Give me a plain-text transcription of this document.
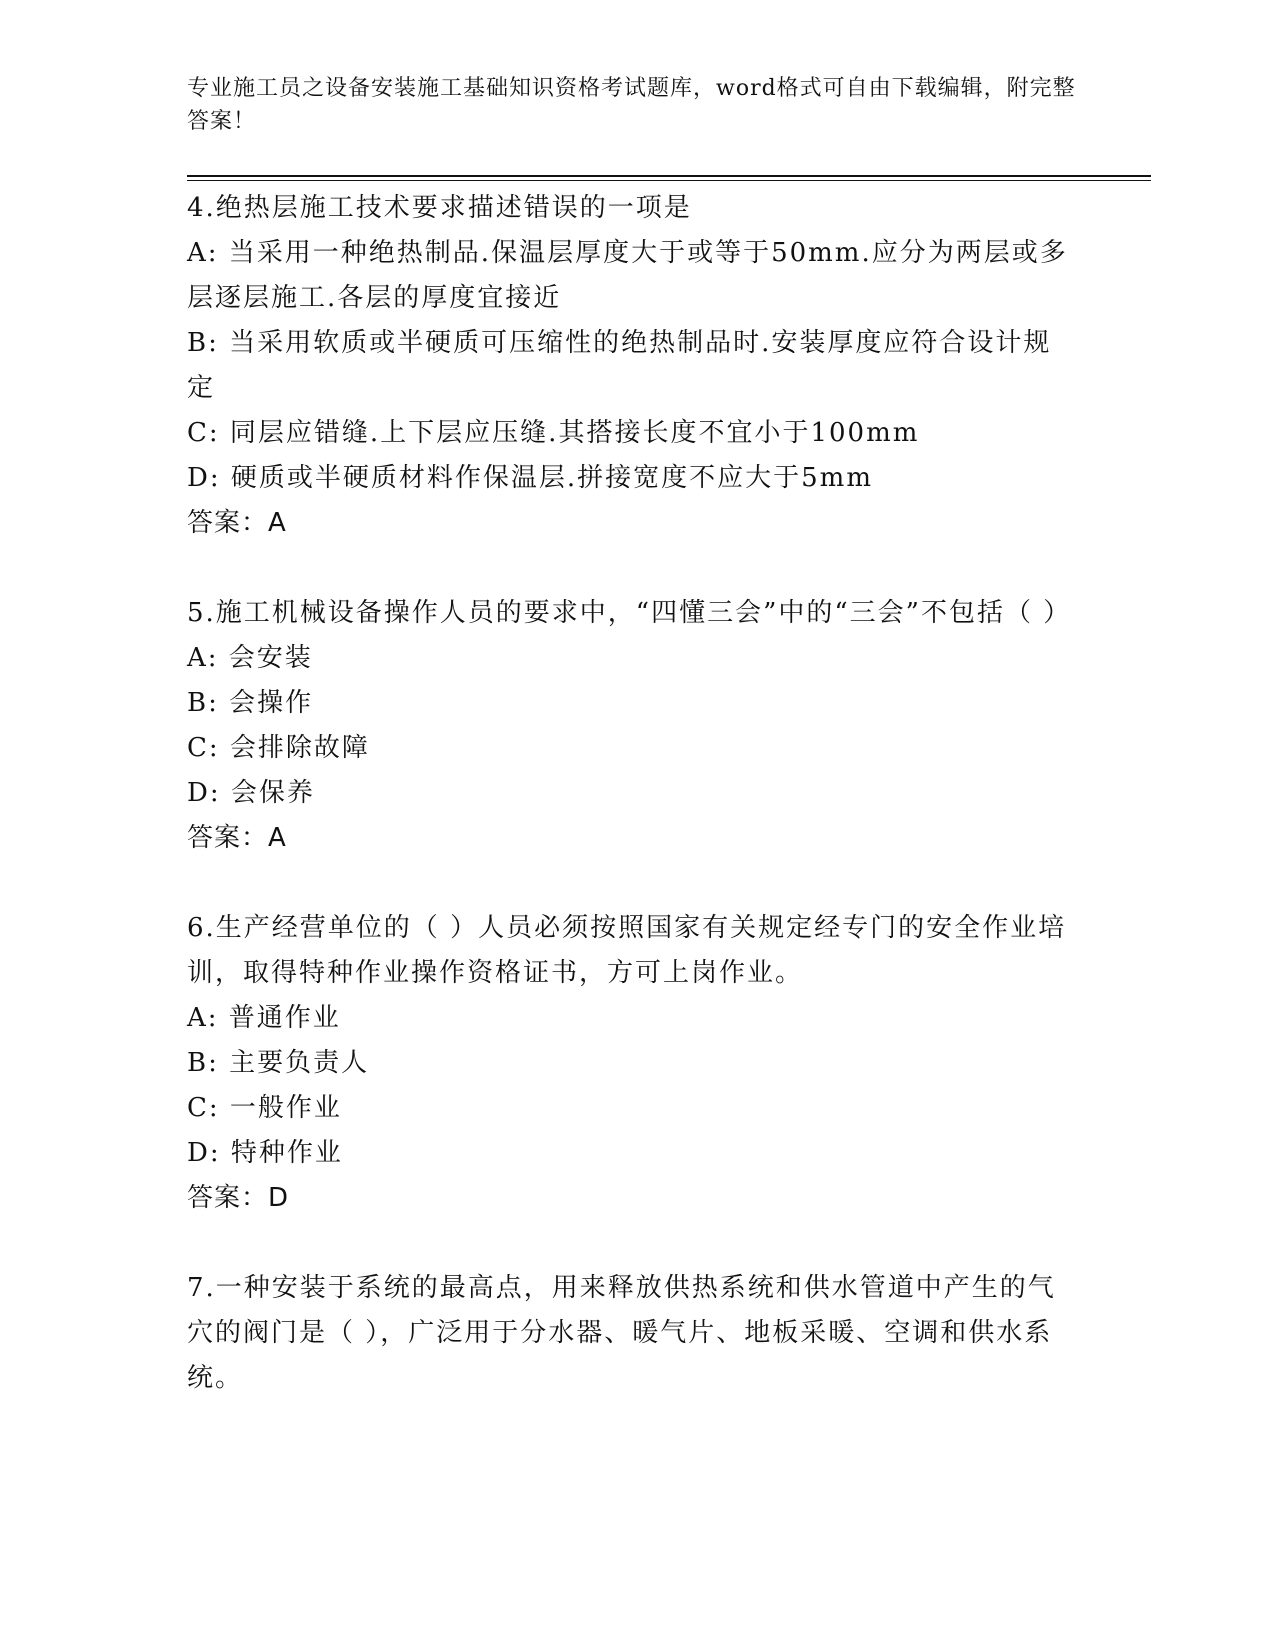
专业施工员之设备安装施工基础知识资格考试题库，word格式可自由下载编辑，附完整答案！

4.绝热层施工技术要求描述错误的一项是

A: 当采用一种绝热制品.保温层厚度大于或等于50mm.应分为两层或多层逐层施工.各层的厚度宜接近

B: 当采用软质或半硬质可压缩性的绝热制品时.安装厚度应符合设计规定

C: 同层应错缝.上下层应压缝.其搭接长度不宜小于100mm

D: 硬质或半硬质材料作保温层.拼接宽度不应大于5mm

答案：A

5.施工机械设备操作人员的要求中，“四懂三会”中的“三会”不包括（ ）

A: 会安装

B: 会操作

C: 会排除故障

D: 会保养

答案：A

6.生产经营单位的（ ）人员必须按照国家有关规定经专门的安全作业培训，取得特种作业操作资格证书，方可上岗作业。

A: 普通作业

B: 主要负责人

C: 一般作业

D: 特种作业

答案：D

7.一种安装于系统的最高点，用来释放供热系统和供水管道中产生的气穴的阀门是（ ），广泛用于分水器、暖气片、地板采暖、空调和供水系统。
